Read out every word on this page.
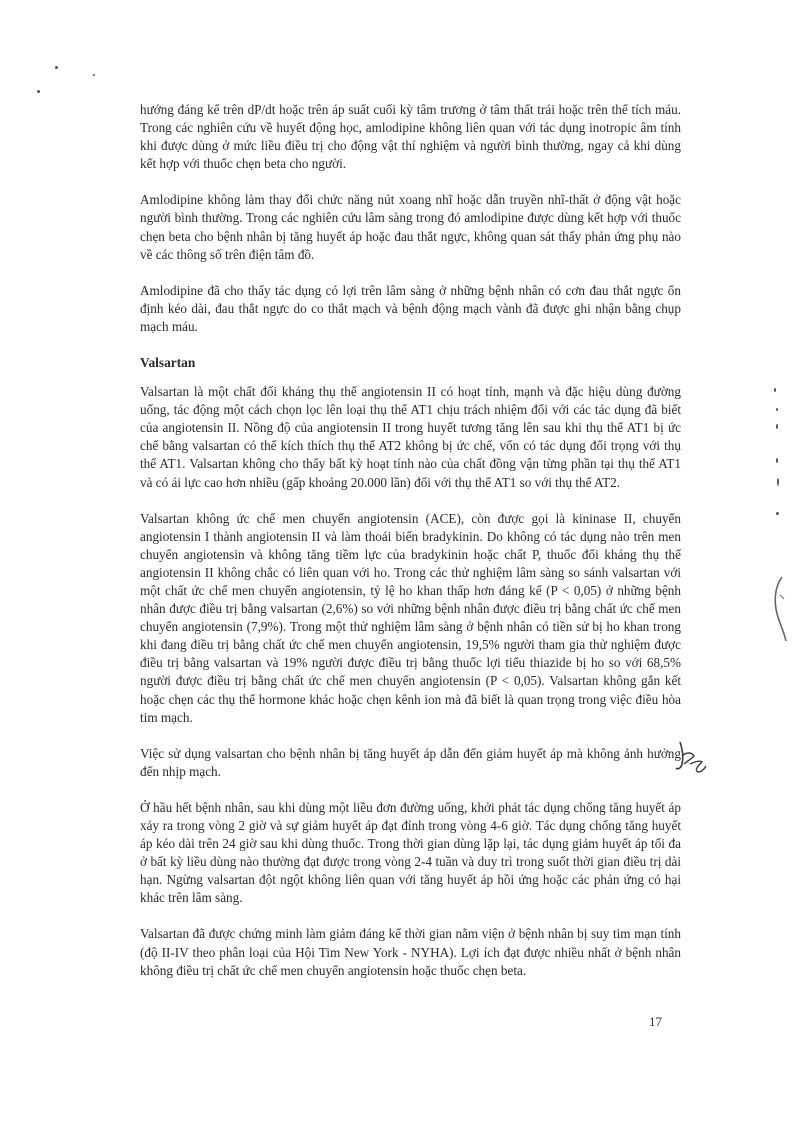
hướng đáng kể trên dP/dt hoặc trên áp suất cuối kỳ tâm trương ở tâm thất trái hoặc trên thể tích máu. Trong các nghiên cứu về huyết động học, amlodipine không liên quan với tác dụng inotropic âm tính khi được dùng ở mức liều điều trị cho động vật thí nghiệm và người bình thường, ngay cả khi dùng kết hợp với thuốc chẹn beta cho người.

Amlodipine không làm thay đổi chức năng nút xoang nhĩ hoặc dẫn truyền nhĩ-thất ở động vật hoặc người bình thường. Trong các nghiên cứu lâm sàng trong đó amlodipine được dùng kết hợp với thuốc chẹn beta cho bệnh nhân bị tăng huyết áp hoặc đau thắt ngực, không quan sát thấy phản ứng phụ nào về các thông số trên điện tâm đồ.

Amlodipine đã cho thấy tác dụng có lợi trên lâm sàng ở những bệnh nhân có cơn đau thắt ngực ổn định kéo dài, đau thắt ngực do co thắt mạch và bệnh động mạch vành đã được ghi nhận bằng chụp mạch máu.

Valsartan

Valsartan là một chất đối kháng thụ thể angiotensin II có hoạt tính, mạnh và đặc hiệu dùng đường uống, tác động một cách chọn lọc lên loại thụ thể AT1 chịu trách nhiệm đối với các tác dụng đã biết của angiotensin II. Nồng độ của angiotensin II trong huyết tương tăng lên sau khi thụ thể AT1 bị ức chế bằng valsartan có thể kích thích thụ thể AT2 không bị ức chế, vốn có tác dụng đối trọng với thụ thể AT1. Valsartan không cho thấy bất kỳ hoạt tính nào của chất đồng vận từng phần tại thụ thể AT1 và có ái lực cao hơn nhiều (gấp khoảng 20.000 lần) đối với thụ thể AT1 so với thụ thể AT2.

Valsartan không ức chế men chuyển angiotensin (ACE), còn được gọi là kininase II, chuyển angiotensin I thành angiotensin II và làm thoái biến bradykinin. Do không có tác dụng nào trên men chuyển angiotensin và không tăng tiềm lực của bradykinin hoặc chất P, thuốc đối kháng thụ thể angiotensin II không chắc có liên quan với ho. Trong các thử nghiệm lâm sàng so sánh valsartan với một chất ức chế men chuyển angiotensin, tỷ lệ ho khan thấp hơn đáng kể (P < 0,05) ở những bệnh nhân được điều trị bằng valsartan (2,6%) so với những bệnh nhân được điều trị bằng chất ức chế men chuyển angiotensin (7,9%). Trong một thử nghiệm lâm sàng ở bệnh nhân có tiền sử bị ho khan trong khi đang điều trị bằng chất ức chế men chuyển angiotensin, 19,5% người tham gia thử nghiệm được điều trị bằng valsartan và 19% người được điều trị bằng thuốc lợi tiểu thiazide bị ho so với 68,5% người được điều trị bằng chất ức chế men chuyển angiotensin (P < 0,05). Valsartan không gắn kết hoặc chẹn các thụ thể hormone khác hoặc chẹn kênh ion mà đã biết là quan trọng trong việc điều hòa tim mạch.

Việc sử dụng valsartan cho bệnh nhân bị tăng huyết áp dẫn đến giảm huyết áp mà không ảnh hưởng đến nhịp mạch.

Ở hầu hết bệnh nhân, sau khi dùng một liều đơn đường uống, khởi phát tác dụng chống tăng huyết áp xảy ra trong vòng 2 giờ và sự giảm huyết áp đạt đỉnh trong vòng 4-6 giờ. Tác dụng chống tăng huyết áp kéo dài trên 24 giờ sau khi dùng thuốc. Trong thời gian dùng lặp lại, tác dụng giảm huyết áp tối đa ở bất kỳ liều dùng nào thường đạt được trong vòng 2-4 tuần và duy trì trong suốt thời gian điều trị dài hạn. Ngừng valsartan đột ngột không liên quan với tăng huyết áp hồi ứng hoặc các phản ứng có hại khác trên lâm sàng.

Valsartan đã được chứng minh làm giảm đáng kể thời gian nằm viện ở bệnh nhân bị suy tim mạn tính (độ II-IV theo phân loại của Hội Tim New York - NYHA). Lợi ích đạt được nhiều nhất ở bệnh nhân không điều trị chất ức chế men chuyển angiotensin hoặc thuốc chẹn beta.

17
